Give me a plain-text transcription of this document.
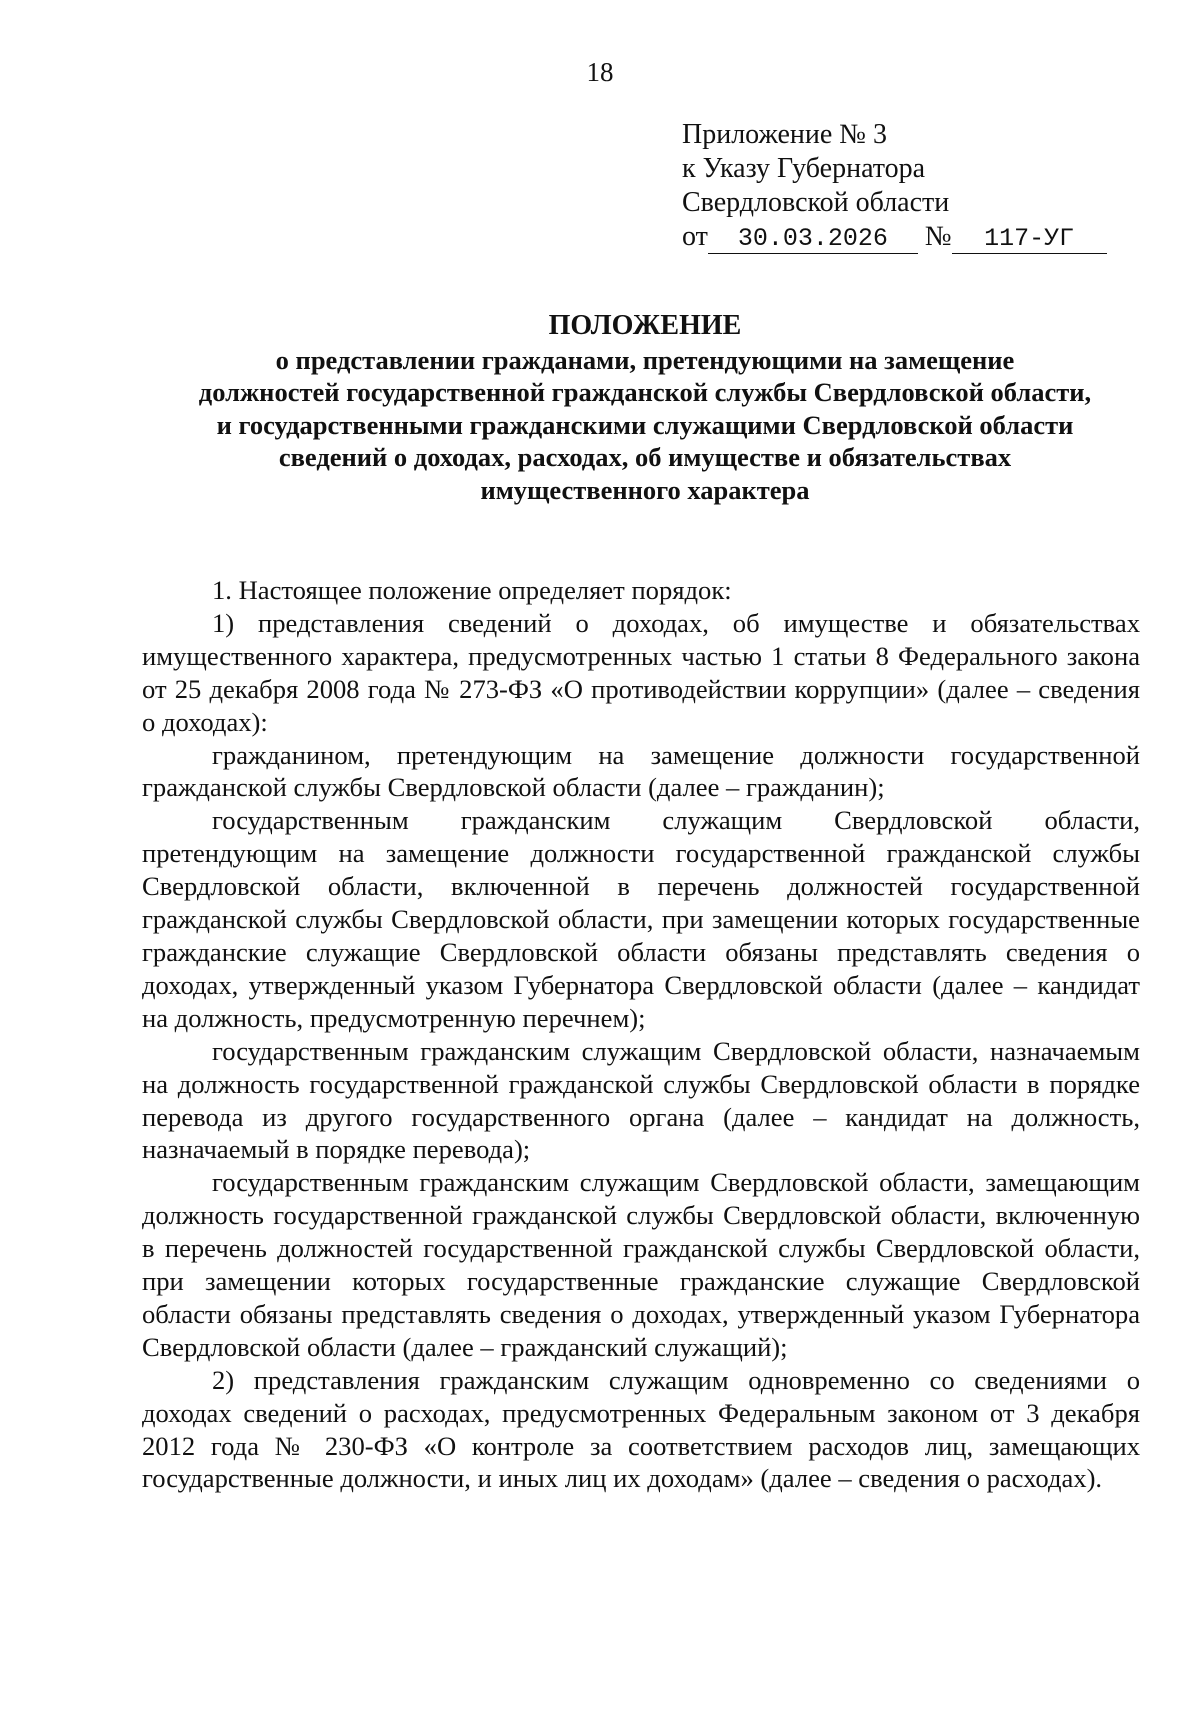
18
Приложение № 3
к Указу Губернатора
Свердловской области
от 30.03.2026 № 117-УГ
ПОЛОЖЕНИЕ
о представлении гражданами, претендующими на замещение
должностей государственной гражданской службы Свердловской области,
и государственными гражданскими служащими Свердловской области
сведений о доходах, расходах, об имуществе и обязательствах
имущественного характера

1. Настоящее положение определяет порядок:

1) представления сведений о доходах, об имуществе и обязательствах имущественного характера, предусмотренных частью 1 статьи 8 Федерального закона от 25 декабря 2008 года № 273-ФЗ «О противодействии коррупции» (далее – сведения о доходах):

гражданином, претендующим на замещение должности государственной гражданской службы Свердловской области (далее – гражданин);

государственным гражданским служащим Свердловской области, претендующим на замещение должности государственной гражданской службы Свердловской области, включенной в перечень должностей государственной гражданской службы Свердловской области, при замещении которых государственные гражданские служащие Свердловской области обязаны представлять сведения о доходах, утвержденный указом Губернатора Свердловской области (далее – кандидат на должность, предусмотренную перечнем);

государственным гражданским служащим Свердловской области, назначаемым на должность государственной гражданской службы Свердловской области в порядке перевода из другого государственного органа (далее – кандидат на должность, назначаемый в порядке перевода);

государственным гражданским служащим Свердловской области, замещающим должность государственной гражданской службы Свердловской области, включенную в перечень должностей государственной гражданской службы Свердловской области, при замещении которых государственные гражданские служащие Свердловской области обязаны представлять сведения о доходах, утвержденный указом Губернатора Свердловской области (далее – гражданский служащий);

2) представления гражданским служащим одновременно со сведениями о доходах сведений о расходах, предусмотренных Федеральным законом от 3 декабря 2012 года № 230-ФЗ «О контроле за соответствием расходов лиц, замещающих государственные должности, и иных лиц их доходам» (далее – сведения о расходах).
